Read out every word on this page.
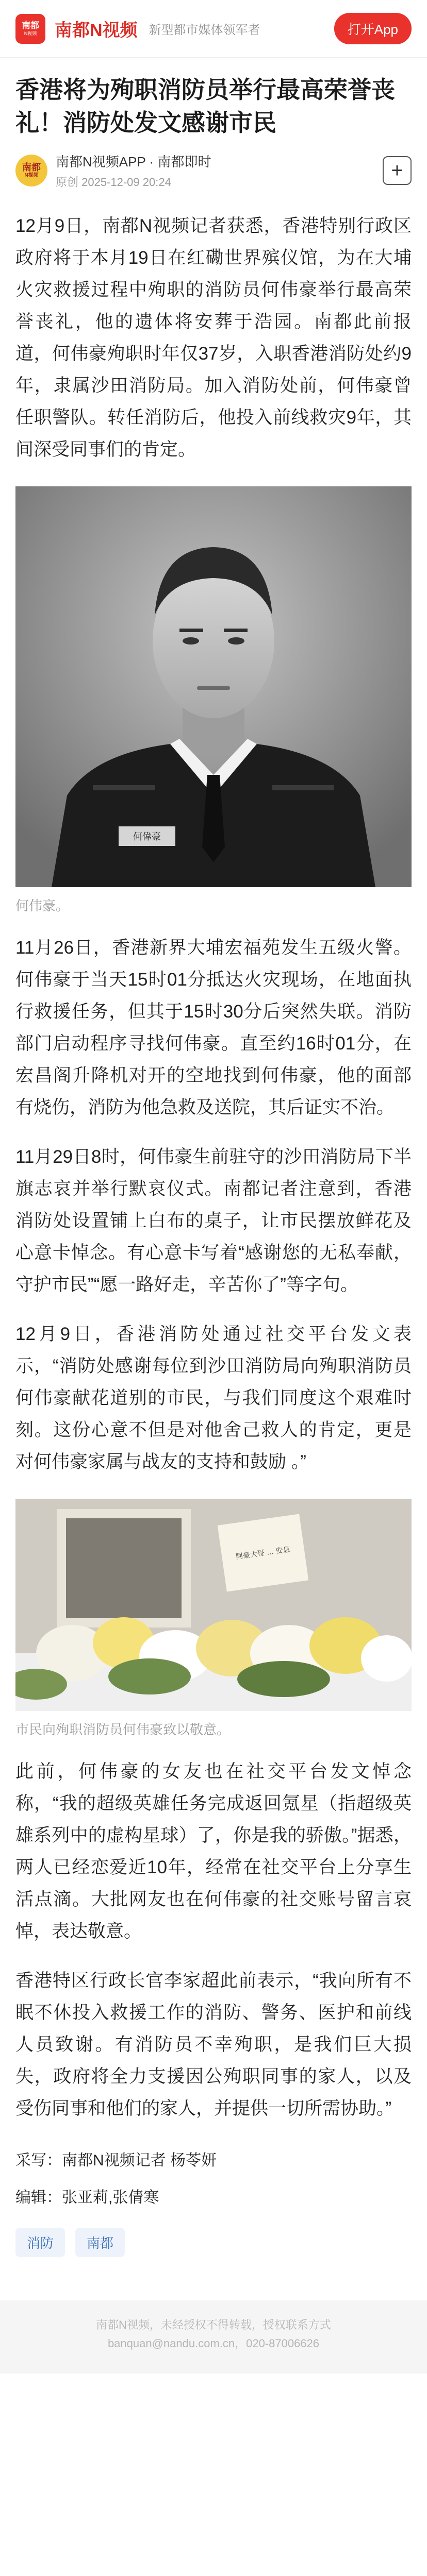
南都
N视频 南都N视频 新型都市媒体领军者	打开App
香港将为殉职消防员举行最高荣誉丧礼！消防处发文感谢市民
南都
N视频
南都N视频APP · 南都即时
原创 2025-12-09 20:24
+

12月9日，南都N视频记者获悉，香港特别行政区政府将于本月19日在红磡世界殡仪馆，为在大埔火灾救援过程中殉职的消防员何伟豪举行最高荣誉丧礼，他的遗体将安葬于浩园。南都此前报道，何伟豪殉职时年仅37岁，入职香港消防处约9年，隶属沙田消防局。加入消防处前，何伟豪曾任职警队。转任消防后，他投入前线救灾9年，其间深受同事们的肯定。

何偉豪
何伟豪。

11月26日，香港新界大埔宏福苑发生五级火警。何伟豪于当天15时01分抵达火灾现场，在地面执行救援任务，但其于15时30分后突然失联。消防部门启动程序寻找何伟豪。直至约16时01分，在宏昌阁升降机对开的空地找到何伟豪，他的面部有烧伤，消防为他急救及送院，其后证实不治。

11月29日8时，何伟豪生前驻守的沙田消防局下半旗志哀并举行默哀仪式。南都记者注意到，香港消防处设置铺上白布的桌子，让市民摆放鲜花及心意卡悼念。有心意卡写着“感谢您的无私奉献，守护市民”“愿一路好走，辛苦你了”等字句。

12月9日，香港消防处通过社交平台发文表示，“消防处感谢每位到沙田消防局向殉职消防员何伟豪献花道别的市民，与我们同度这个艰难时刻。这份心意不但是对他舍己救人的肯定，更是对何伟豪家属与战友的支持和鼓励 。”

阿豪大哥 ... 安息
市民向殉职消防员何伟豪致以敬意。

此前，何伟豪的女友也在社交平台发文悼念称，“我的超级英雄任务完成返回氪星（指超级英雄系列中的虚构星球）了，你是我的骄傲。”据悉，两人已经恋爱近10年，经常在社交平台上分享生活点滴。大批网友也在何伟豪的社交账号留言哀悼，表达敬意。

香港特区行政长官李家超此前表示，“我向所有不眠不休投入救援工作的消防、警务、医护和前线人员致谢。有消防员不幸殉职，是我们巨大损失，政府将全力支援因公殉职同事的家人，以及受伤同事和他们的家人，并提供一切所需协助。”

采写：南都N视频记者 杨苓妍
编辑：张亚莉,张倩寒
消防	南都
南都N视频，未经授权不得转载，授权联系方式
banquan@nandu.com.cn，020-87006626
